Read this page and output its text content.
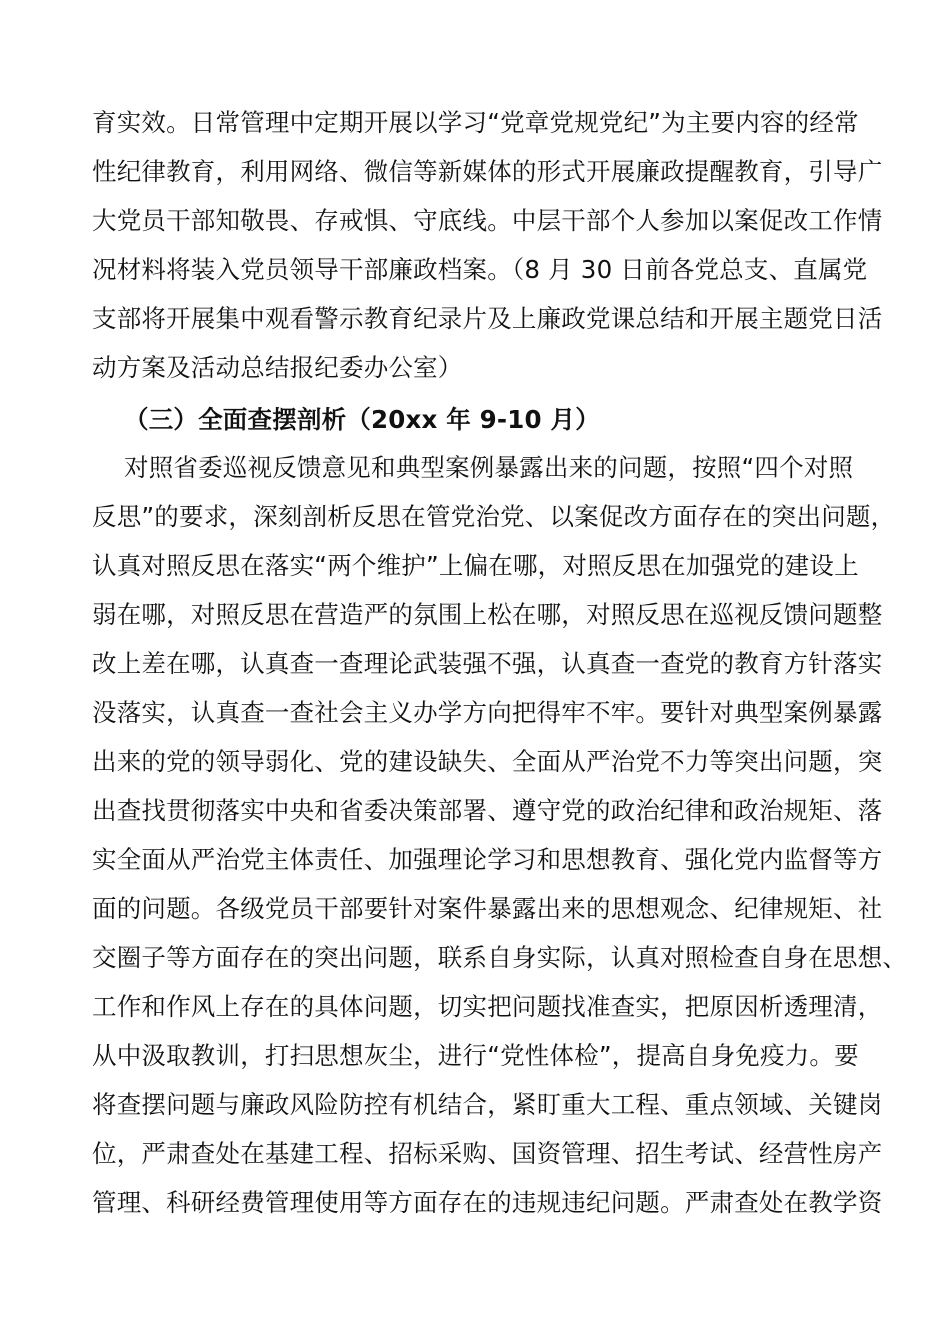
育实效。日常管理中定期开展以学习“党章党规党纪”为主要内容的经常
性纪律教育，利用网络、微信等新媒体的形式开展廉政提醒教育，引导广
大党员干部知敬畏、存戒惧、守底线。中层干部个人参加以案促改工作情
况材料将装入党员领导干部廉政档案。（8 月 30 日前各党总支、直属党
支部将开展集中观看警示教育纪录片及上廉政党课总结和开展主题党日活
动方案及活动总结报纪委办公室）
（三）全面查摆剖析（20xx 年 9-10 月）
对照省委巡视反馈意见和典型案例暴露出来的问题，按照“四个对照
反思”的要求，深刻剖析反思在管党治党、以案促改方面存在的突出问题，
认真对照反思在落实“两个维护”上偏在哪，对照反思在加强党的建设上
弱在哪，对照反思在营造严的氛围上松在哪，对照反思在巡视反馈问题整
改上差在哪，认真查一查理论武装强不强，认真查一查党的教育方针落实
没落实，认真查一查社会主义办学方向把得牢不牢。要针对典型案例暴露
出来的党的领导弱化、党的建设缺失、全面从严治党不力等突出问题，突
出查找贯彻落实中央和省委决策部署、遵守党的政治纪律和政治规矩、落
实全面从严治党主体责任、加强理论学习和思想教育、强化党内监督等方
面的问题。各级党员干部要针对案件暴露出来的思想观念、纪律规矩、社
交圈子等方面存在的突出问题，联系自身实际，认真对照检查自身在思想、
工作和作风上存在的具体问题，切实把问题找准查实，把原因析透理清，
从中汲取教训，打扫思想灰尘，进行“党性体检”，提高自身免疫力。要
将查摆问题与廉政风险防控有机结合，紧盯重大工程、重点领域、关键岗
位，严肃查处在基建工程、招标采购、国资管理、招生考试、经营性房产
管理、科研经费管理使用等方面存在的违规违纪问题。严肃查处在教学资
